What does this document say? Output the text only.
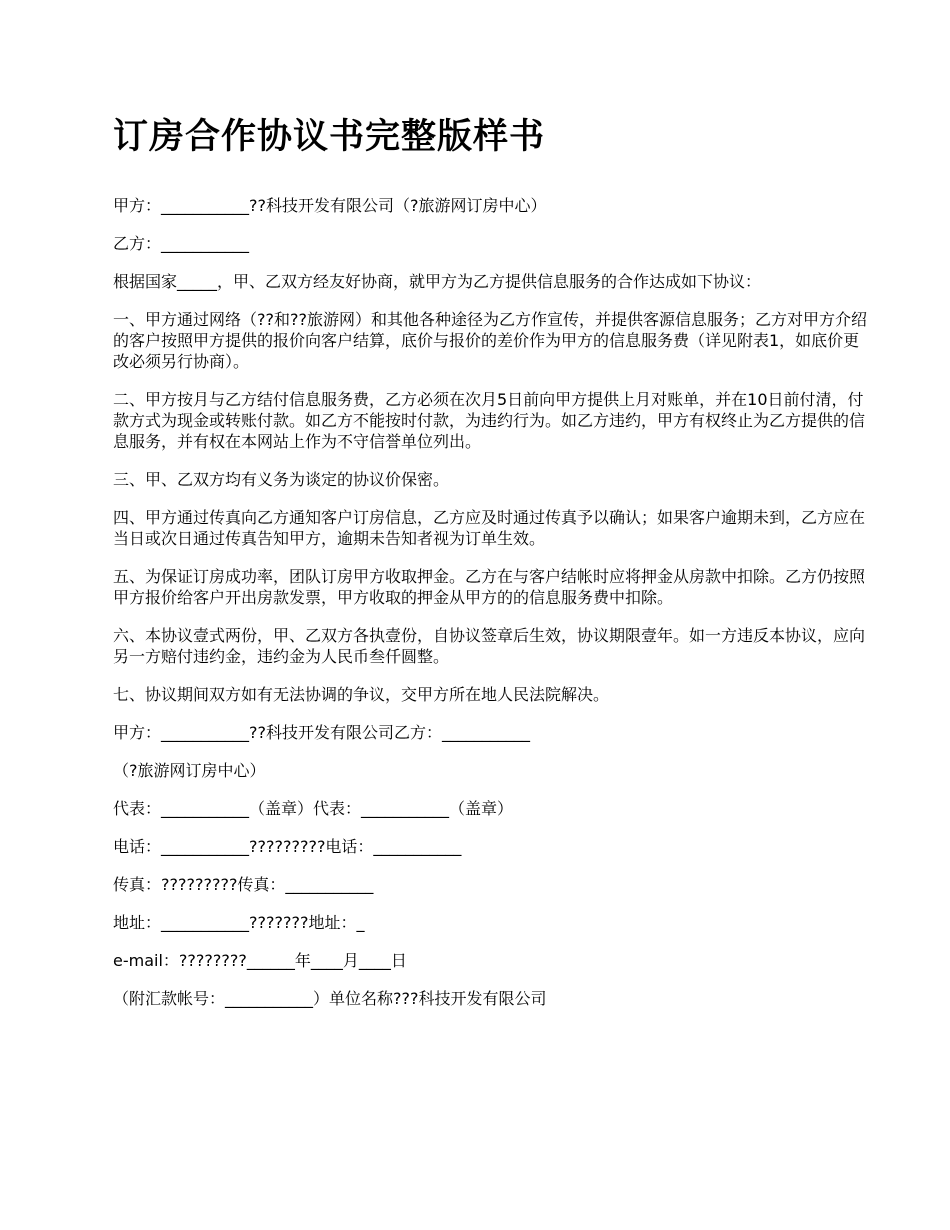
订房合作协议书完整版样书

甲方：___________??科技开发有限公司（?旅游网订房中心）

乙方：___________

根据国家_____，甲、乙双方经友好协商，就甲方为乙方提供信息服务的合作达成如下协议：

一、甲方通过网络（??和??旅游网）和其他各种途径为乙方作宣传，并提供客源信息服务；乙方对甲方介绍的客户按照甲方提供的报价向客户结算，底价与报价的差价作为甲方的信息服务费（详见附表1，如底价更改必须另行协商）。

二、甲方按月与乙方结付信息服务费，乙方必须在次月5日前向甲方提供上月对账单，并在10日前付清，付款方式为现金或转账付款。如乙方不能按时付款，为违约行为。如乙方违约，甲方有权终止为乙方提供的信息服务，并有权在本网站上作为不守信誉单位列出。

三、甲、乙双方均有义务为谈定的协议价保密。

四、甲方通过传真向乙方通知客户订房信息，乙方应及时通过传真予以确认；如果客户逾期未到，乙方应在当日或次日通过传真告知甲方，逾期未告知者视为订单生效。

五、为保证订房成功率，团队订房甲方收取押金。乙方在与客户结帐时应将押金从房款中扣除。乙方仍按照甲方报价给客户开出房款发票，甲方收取的押金从甲方的的信息服务费中扣除。

六、本协议壹式两份，甲、乙双方各执壹份，自协议签章后生效，协议期限壹年。如一方违反本协议，应向另一方赔付违约金，违约金为人民币叁仟圆整。

七、协议期间双方如有无法协调的争议，交甲方所在地人民法院解决。

甲方：___________??科技开发有限公司乙方：___________

（?旅游网订房中心）

代表：___________（盖章）代表：___________（盖章）

电话：___________?????????电话：___________

传真：?????????传真：___________

地址：___________???????地址：_

e-mail：????????______年____月____日

（附汇款帐号：___________）单位名称???科技开发有限公司
